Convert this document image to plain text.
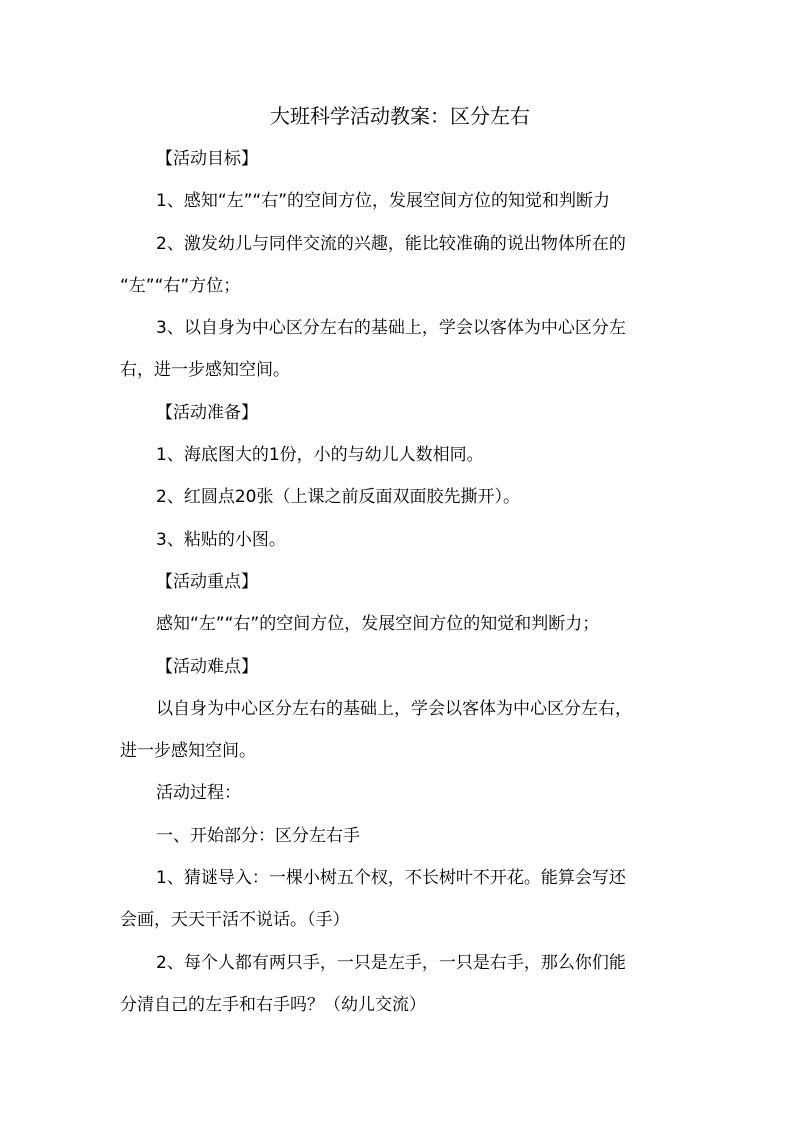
大班科学活动教案：区分左右

【活动目标】

1、感知“左”“右”的空间方位，发展空间方位的知觉和判断力

2、激发幼儿与同伴交流的兴趣，能比较准确的说出物体所在的

“左”“右”方位；

3、以自身为中心区分左右的基础上，学会以客体为中心区分左

右，进一步感知空间。

【活动准备】

1、海底图大的1份，小的与幼儿人数相同。

2、红圆点20张（上课之前反面双面胶先撕开）。

3、粘贴的小图。

【活动重点】

感知“左”“右”的空间方位，发展空间方位的知觉和判断力；

【活动难点】

以自身为中心区分左右的基础上，学会以客体为中心区分左右，

进一步感知空间。

活动过程：

一、开始部分：区分左右手

1、猜谜导入：一棵小树五个杈，不长树叶不开花。能算会写还

会画，天天干活不说话。（手）

2、每个人都有两只手，一只是左手，一只是右手，那么你们能

分清自己的左手和右手吗？（幼儿交流）
